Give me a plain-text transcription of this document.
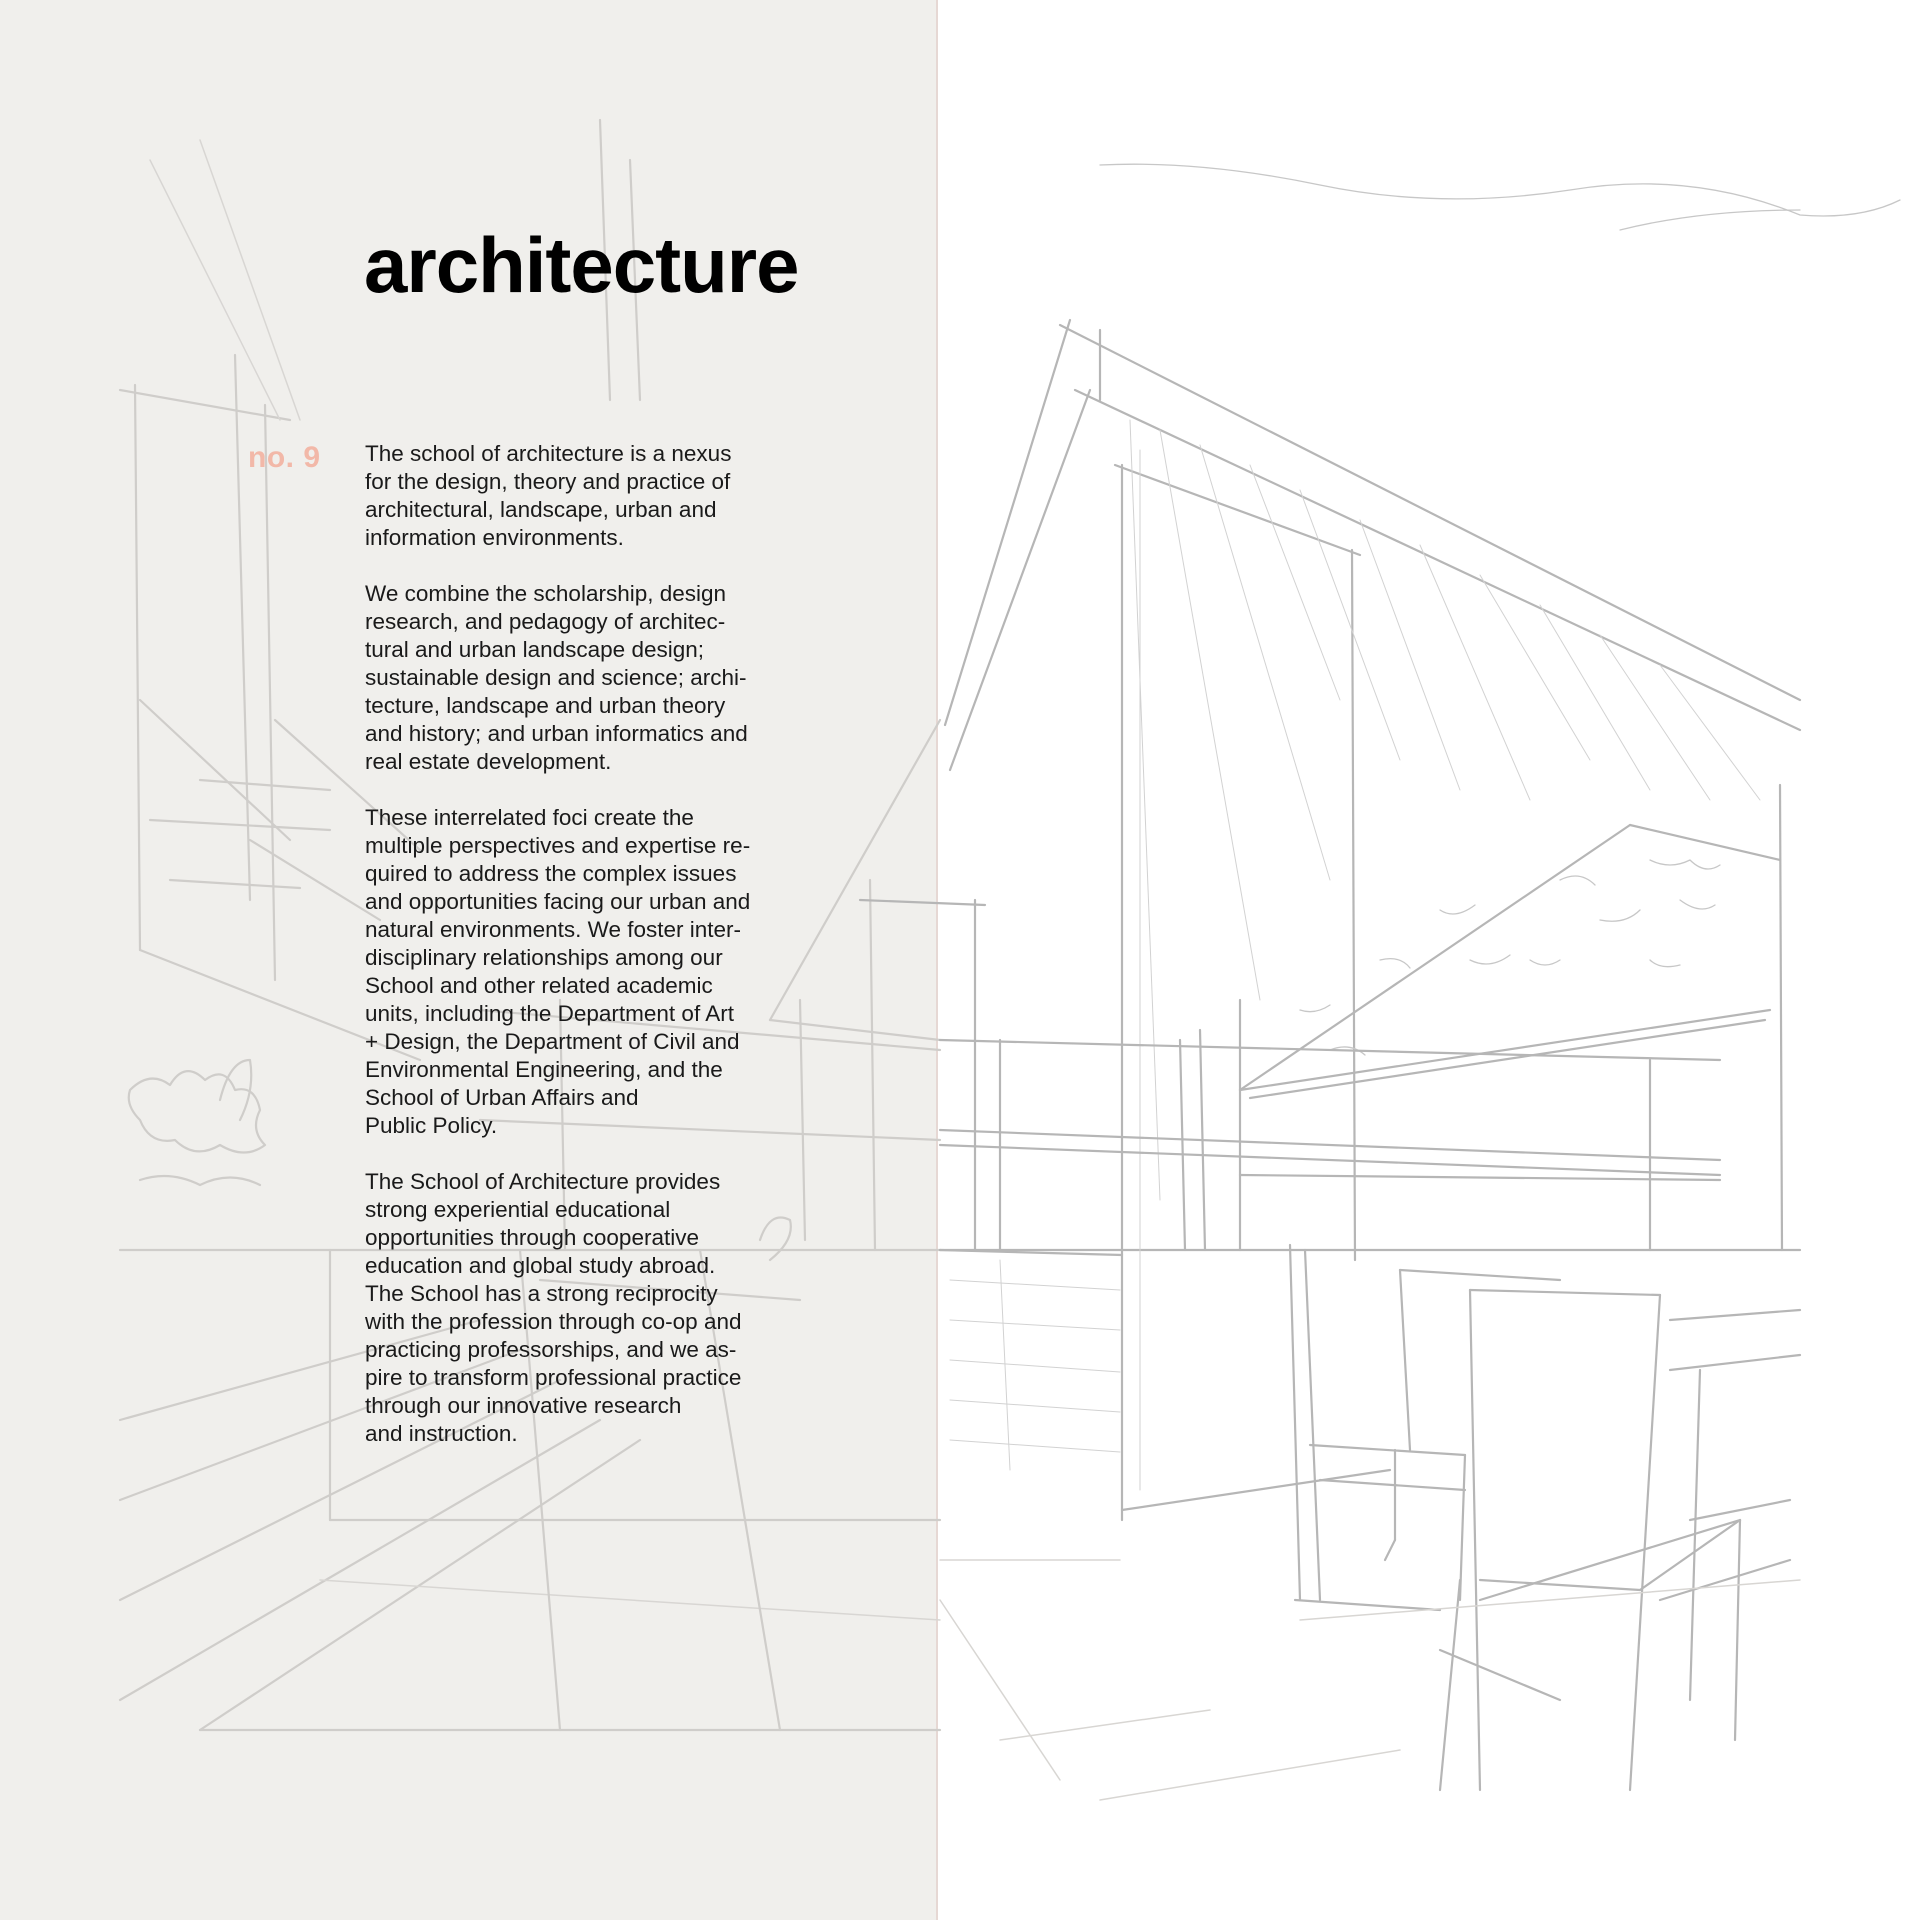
architecture
no. 9 The school of architecture is a nexus
for the design, theory and practice of
architectural, landscape, urban and
information environments.

We combine the scholarship, design
research, and pedagogy of architec-
tural and urban landscape design;
sustainable design and science; archi-
tecture, landscape and urban theory
and history; and urban informatics and
real estate development.

These interrelated foci create the
multiple perspectives and expertise re-
quired to address the complex issues
and opportunities facing our urban and
natural environments. We foster inter-
disciplinary relationships among our
School and other related academic
units, including the Department of Art
+ Design, the Department of Civil and
Environmental Engineering, and the
School of Urban Affairs and
Public Policy.

The School of Architecture provides
strong experiential educational
opportunities through cooperative
education and global study abroad.
The School has a strong reciprocity
with the profession through co-op and
practicing professorships, and we as-
pire to transform professional practice
through our innovative research
and instruction.
